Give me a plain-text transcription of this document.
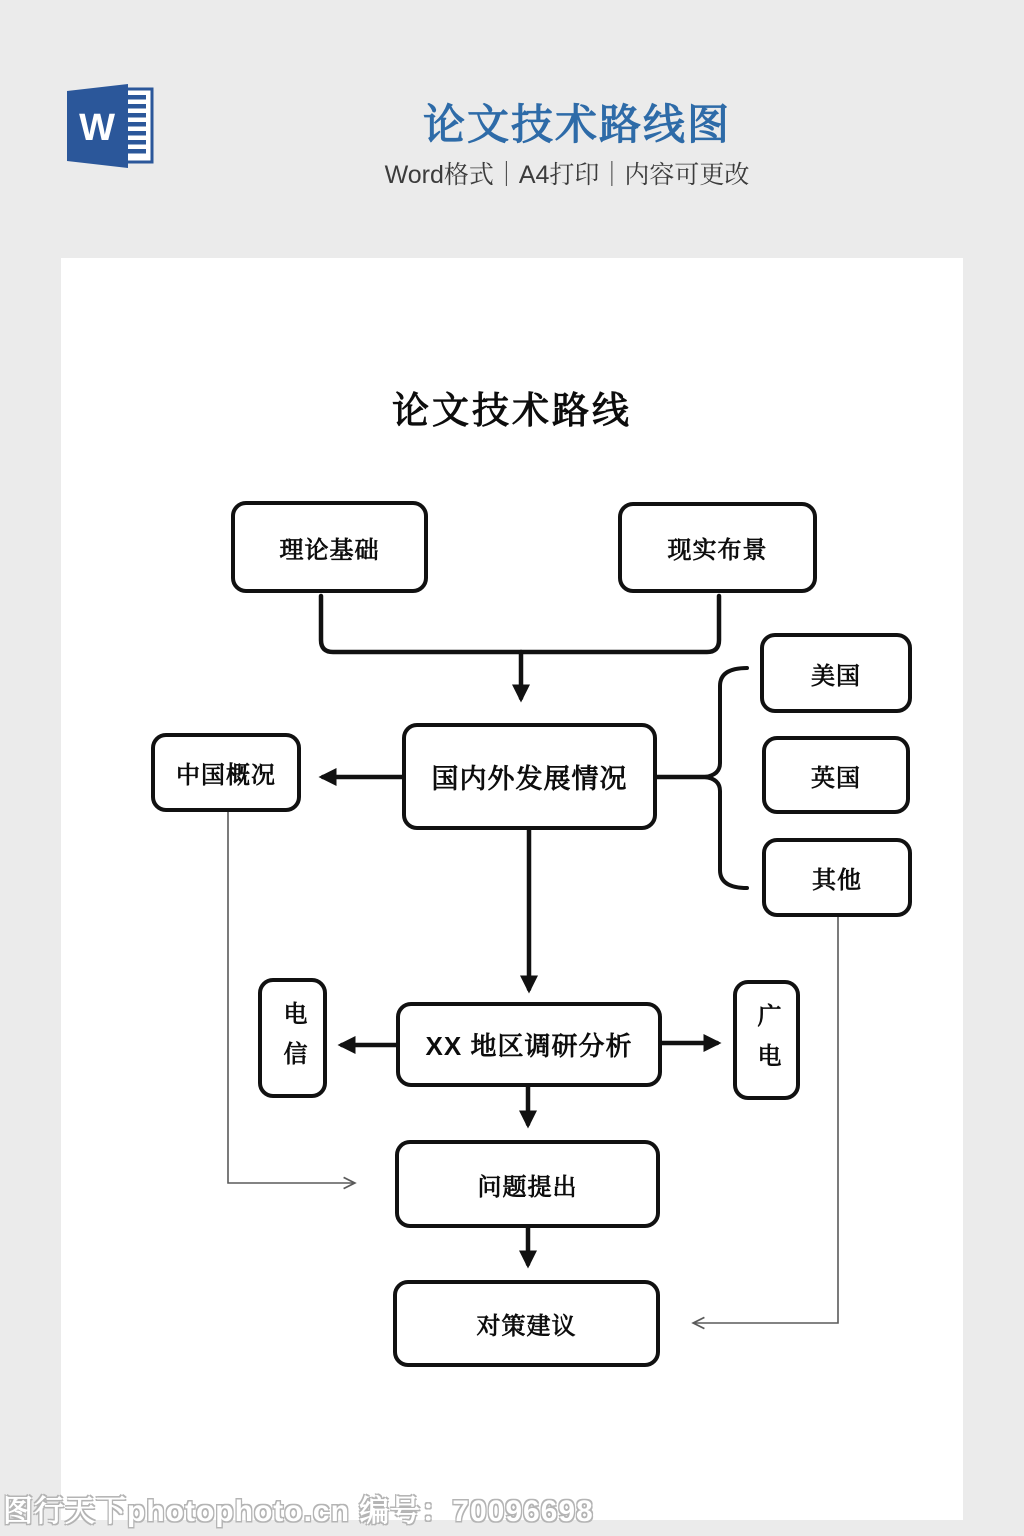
W	论文技术路线图
Word格式｜A4打印｜内容可更改
论文技术路线
理论基础	现实布景
国内外发展情况
中国概况
美国
英国
其他
电信	XX 地区调研分析	广电
问题提出
对策建议
图行天下photophoto.cn 编号：70096698
